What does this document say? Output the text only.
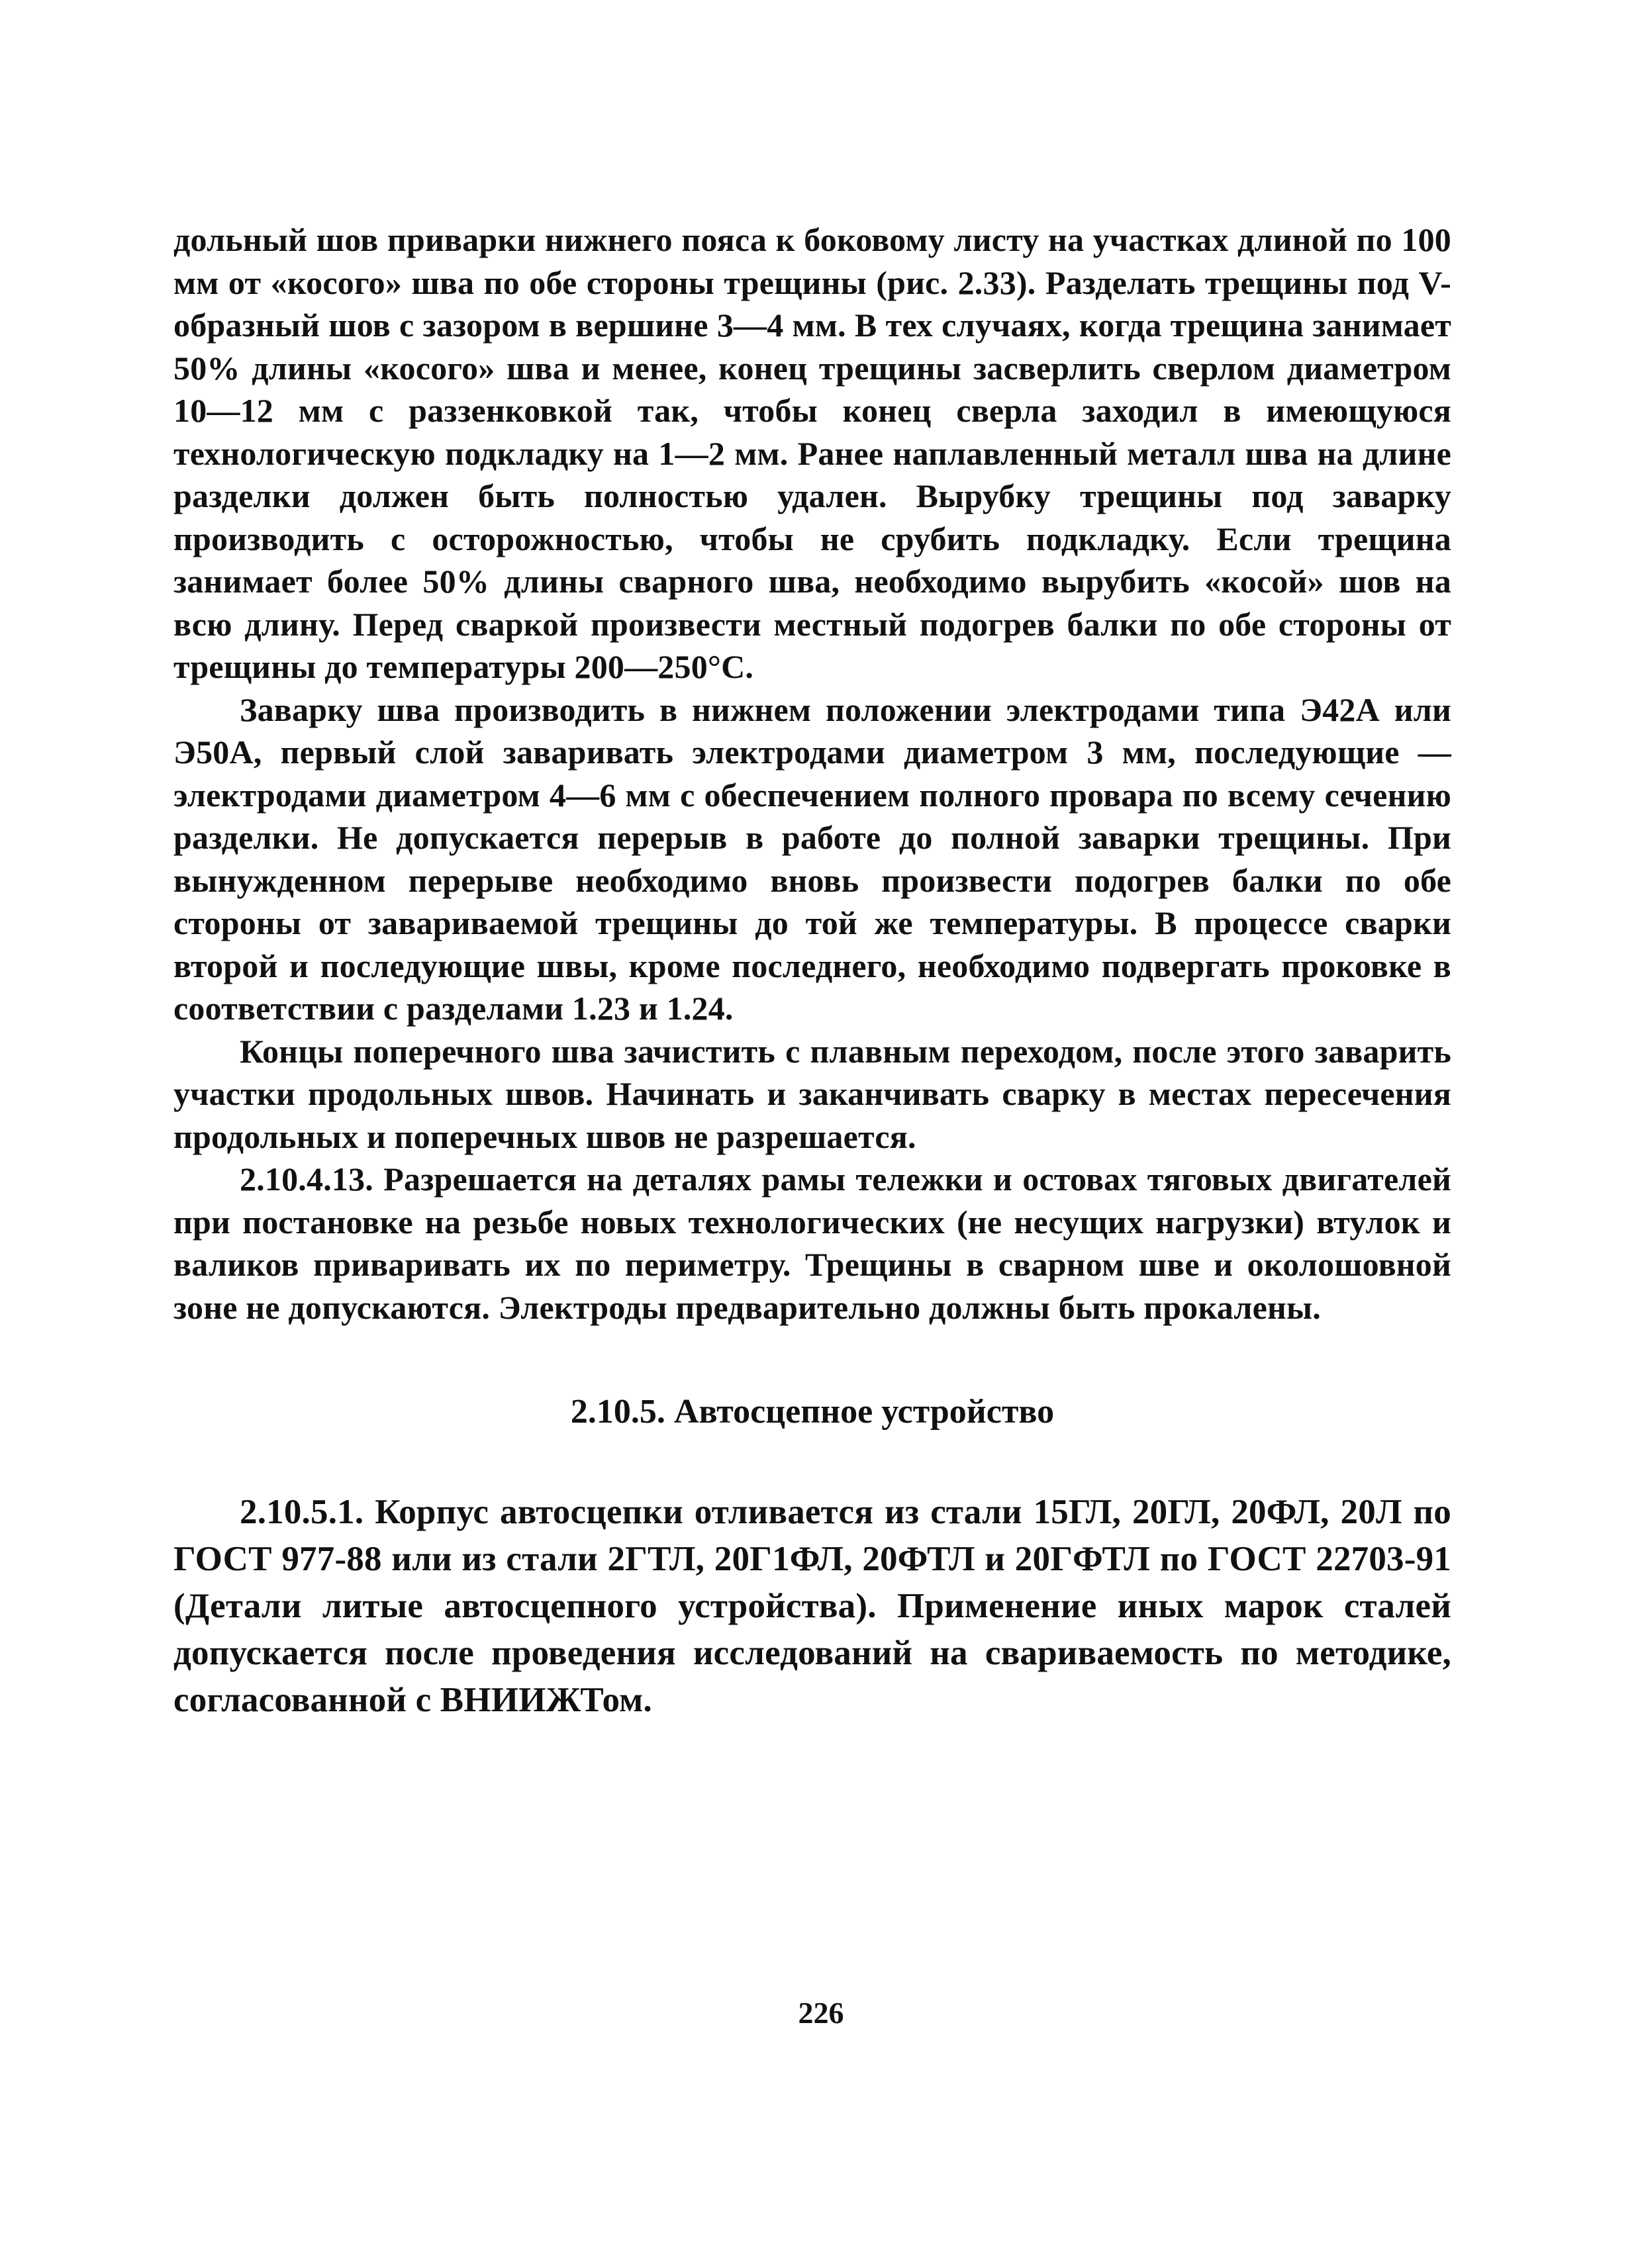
дольный шов приварки нижнего пояса к боковому листу на участках длиной по 100 мм от «косого» шва по обе стороны трещины (рис. 2.33). Разделать трещины под V-образный шов с зазором в вершине 3—4 мм. В тех случаях, когда трещина занимает 50% длины «косого» шва и менее, конец трещины засверлить сверлом диаметром 10—12 мм с раззенковкой так, чтобы конец сверла заходил в имеющуюся технологическую подкладку на 1—2 мм. Ранее наплавленный металл шва на длине разделки должен быть полностью удален. Вырубку трещины под заварку производить с осторожностью, чтобы не срубить подкладку. Если трещина занимает более 50% длины сварного шва, необходимо вырубить «косой» шов на всю длину. Перед сваркой произвести местный подогрев балки по обе стороны от трещины до температуры 200—250°С.

Заварку шва производить в нижнем положении электродами типа Э42А или Э50А, первый слой заваривать электродами диаметром 3 мм, последующие — электродами диаметром 4—6 мм с обеспечением полного провара по всему сечению разделки. Не допускается перерыв в работе до полной заварки трещины. При вынужденном перерыве необходимо вновь произвести подогрев балки по обе стороны от завариваемой трещины до той же температуры. В процессе сварки второй и последующие швы, кроме последнего, необходимо подвергать проковке в соответствии с разделами 1.23 и 1.24.

Концы поперечного шва зачистить с плавным переходом, после этого заварить участки продольных швов. Начинать и заканчивать сварку в местах пересечения продольных и поперечных швов не разрешается.

2.10.4.13. Разрешается на деталях рамы тележки и остовах тяговых двигателей при постановке на резьбе новых технологических (не несущих нагрузки) втулок и валиков приваривать их по периметру. Трещины в сварном шве и околошовной зоне не допускаются. Электроды предварительно должны быть прокалены.

2.10.5. Автосцепное устройство

2.10.5.1. Корпус автосцепки отливается из стали 15ГЛ, 20ГЛ, 20ФЛ, 20Л по ГОСТ 977-88 или из стали 2ГТЛ, 20Г1ФЛ, 20ФТЛ и 20ГФТЛ по ГОСТ 22703-91 (Детали литые автосцепного устройства). Применение иных марок сталей допускается после проведения исследований на свариваемость по методике, согласованной с ВНИИЖТом.

226
